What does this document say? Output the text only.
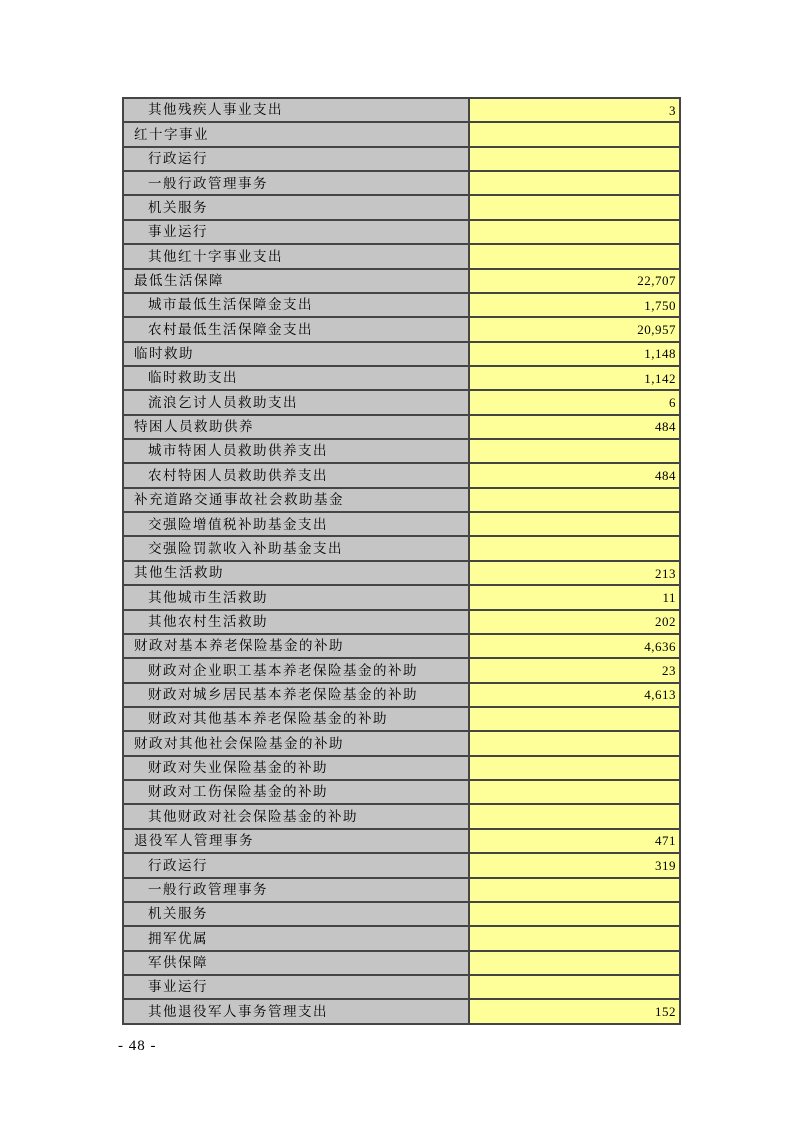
其他残疾人事业支出	3
红十字事业	
行政运行	
一般行政管理事务	
机关服务	
事业运行	
其他红十字事业支出	
最低生活保障	22,707
城市最低生活保障金支出	1,750
农村最低生活保障金支出	20,957
临时救助	1,148
临时救助支出	1,142
流浪乞讨人员救助支出	6
特困人员救助供养	484
城市特困人员救助供养支出	
农村特困人员救助供养支出	484
补充道路交通事故社会救助基金	
交强险增值税补助基金支出	
交强险罚款收入补助基金支出	
其他生活救助	213
其他城市生活救助	11
其他农村生活救助	202
财政对基本养老保险基金的补助	4,636
财政对企业职工基本养老保险基金的补助	23
财政对城乡居民基本养老保险基金的补助	4,613
财政对其他基本养老保险基金的补助	
财政对其他社会保险基金的补助	
财政对失业保险基金的补助	
财政对工伤保险基金的补助	
其他财政对社会保险基金的补助	
退役军人管理事务	471
行政运行	319
一般行政管理事务	
机关服务	
拥军优属	
军供保障	
事业运行	
其他退役军人事务管理支出	152
- 48 -
